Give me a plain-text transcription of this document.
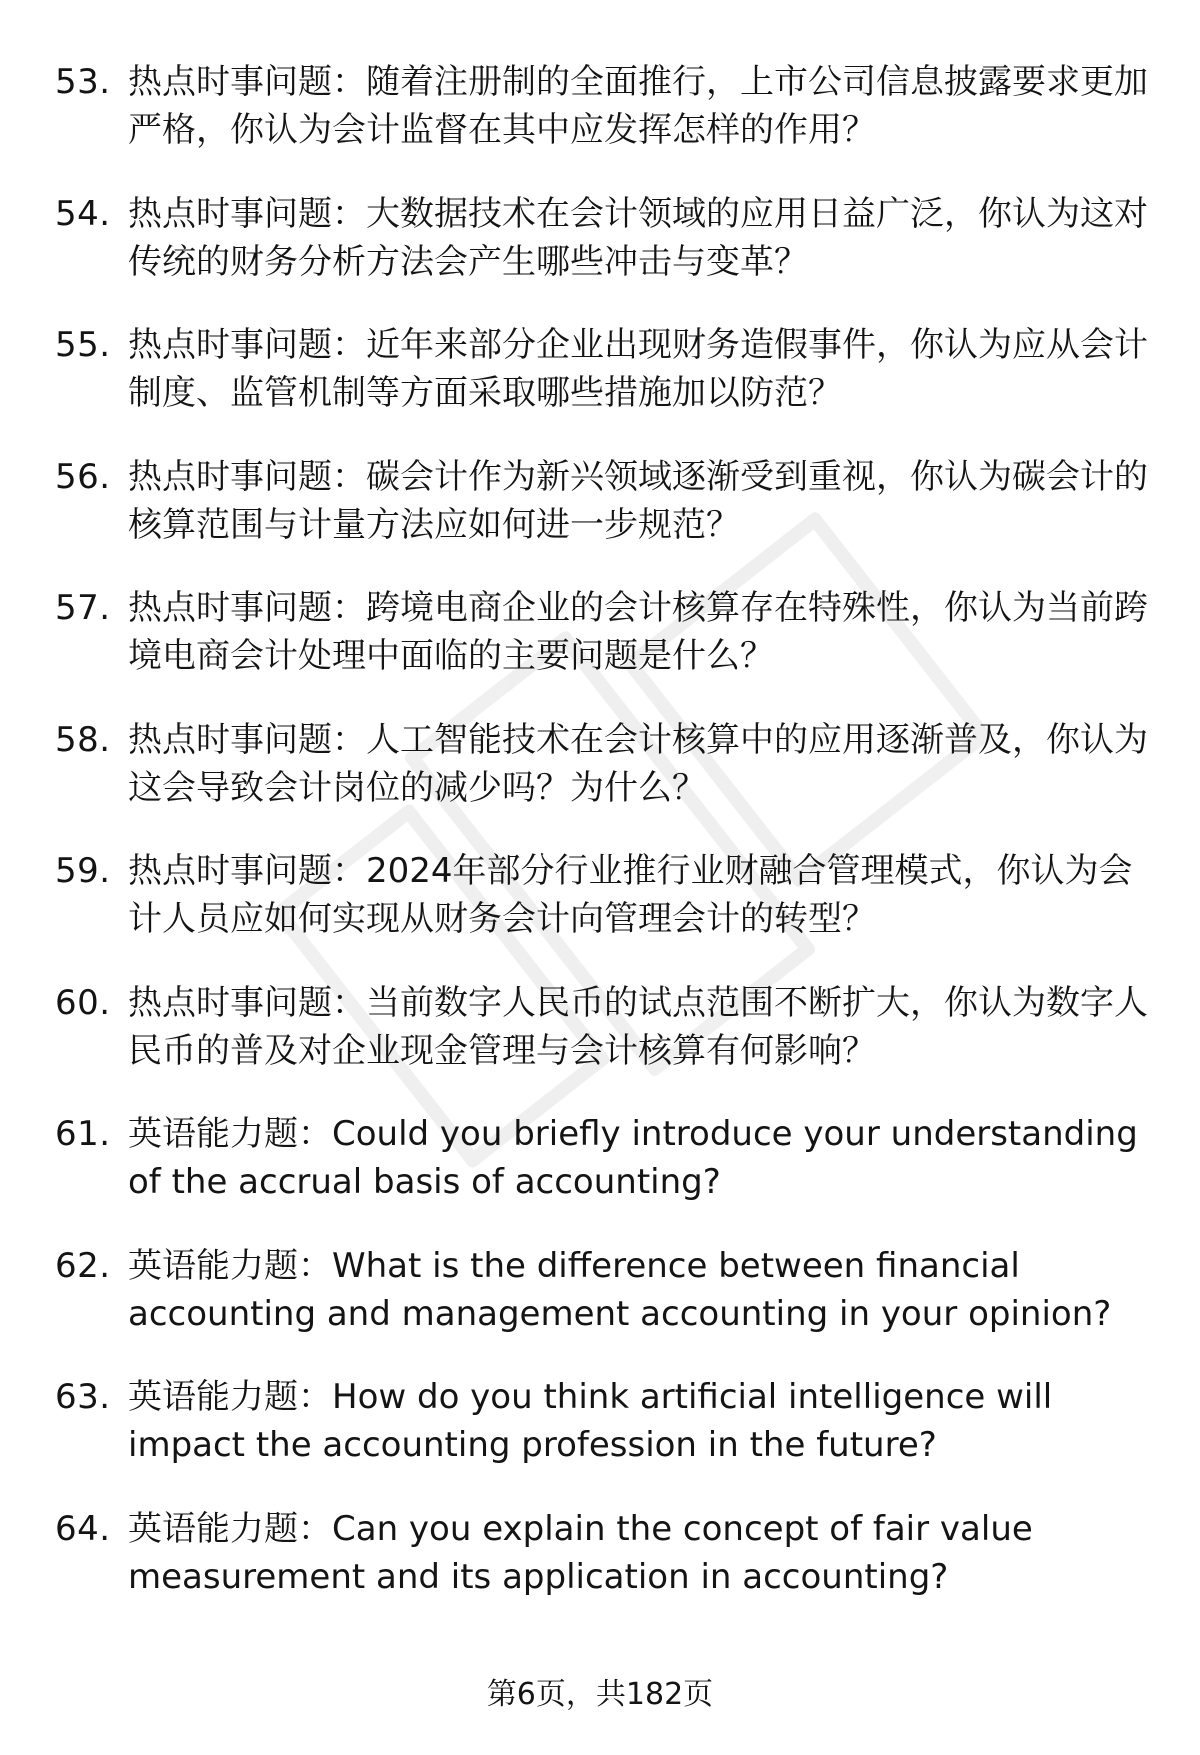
53. 热点时事问题：随着注册制的全面推行，上市公司信息披露要求更加严格，你认为会计监督在其中应发挥怎样的作用？
54. 热点时事问题：大数据技术在会计领域的应用日益广泛，你认为这对传统的财务分析方法会产生哪些冲击与变革？
55. 热点时事问题：近年来部分企业出现财务造假事件，你认为应从会计制度、监管机制等方面采取哪些措施加以防范？
56. 热点时事问题：碳会计作为新兴领域逐渐受到重视，你认为碳会计的核算范围与计量方法应如何进一步规范？
57. 热点时事问题：跨境电商企业的会计核算存在特殊性，你认为当前跨境电商会计处理中面临的主要问题是什么？
58. 热点时事问题：人工智能技术在会计核算中的应用逐渐普及，你认为这会导致会计岗位的减少吗？为什么？
59. 热点时事问题：2024年部分行业推行业财融合管理模式，你认为会计人员应如何实现从财务会计向管理会计的转型？
60. 热点时事问题：当前数字人民币的试点范围不断扩大，你认为数字人民币的普及对企业现金管理与会计核算有何影响？
61. 英语能力题：Could you briefly introduce your understanding of the accrual basis of accounting?
62. 英语能力题：What is the difference between financial accounting and management accounting in your opinion?
63. 英语能力题：How do you think artificial intelligence will impact the accounting profession in the future?
64. 英语能力题：Can you explain the concept of fair value measurement and its application in accounting?
第6页，共182页
